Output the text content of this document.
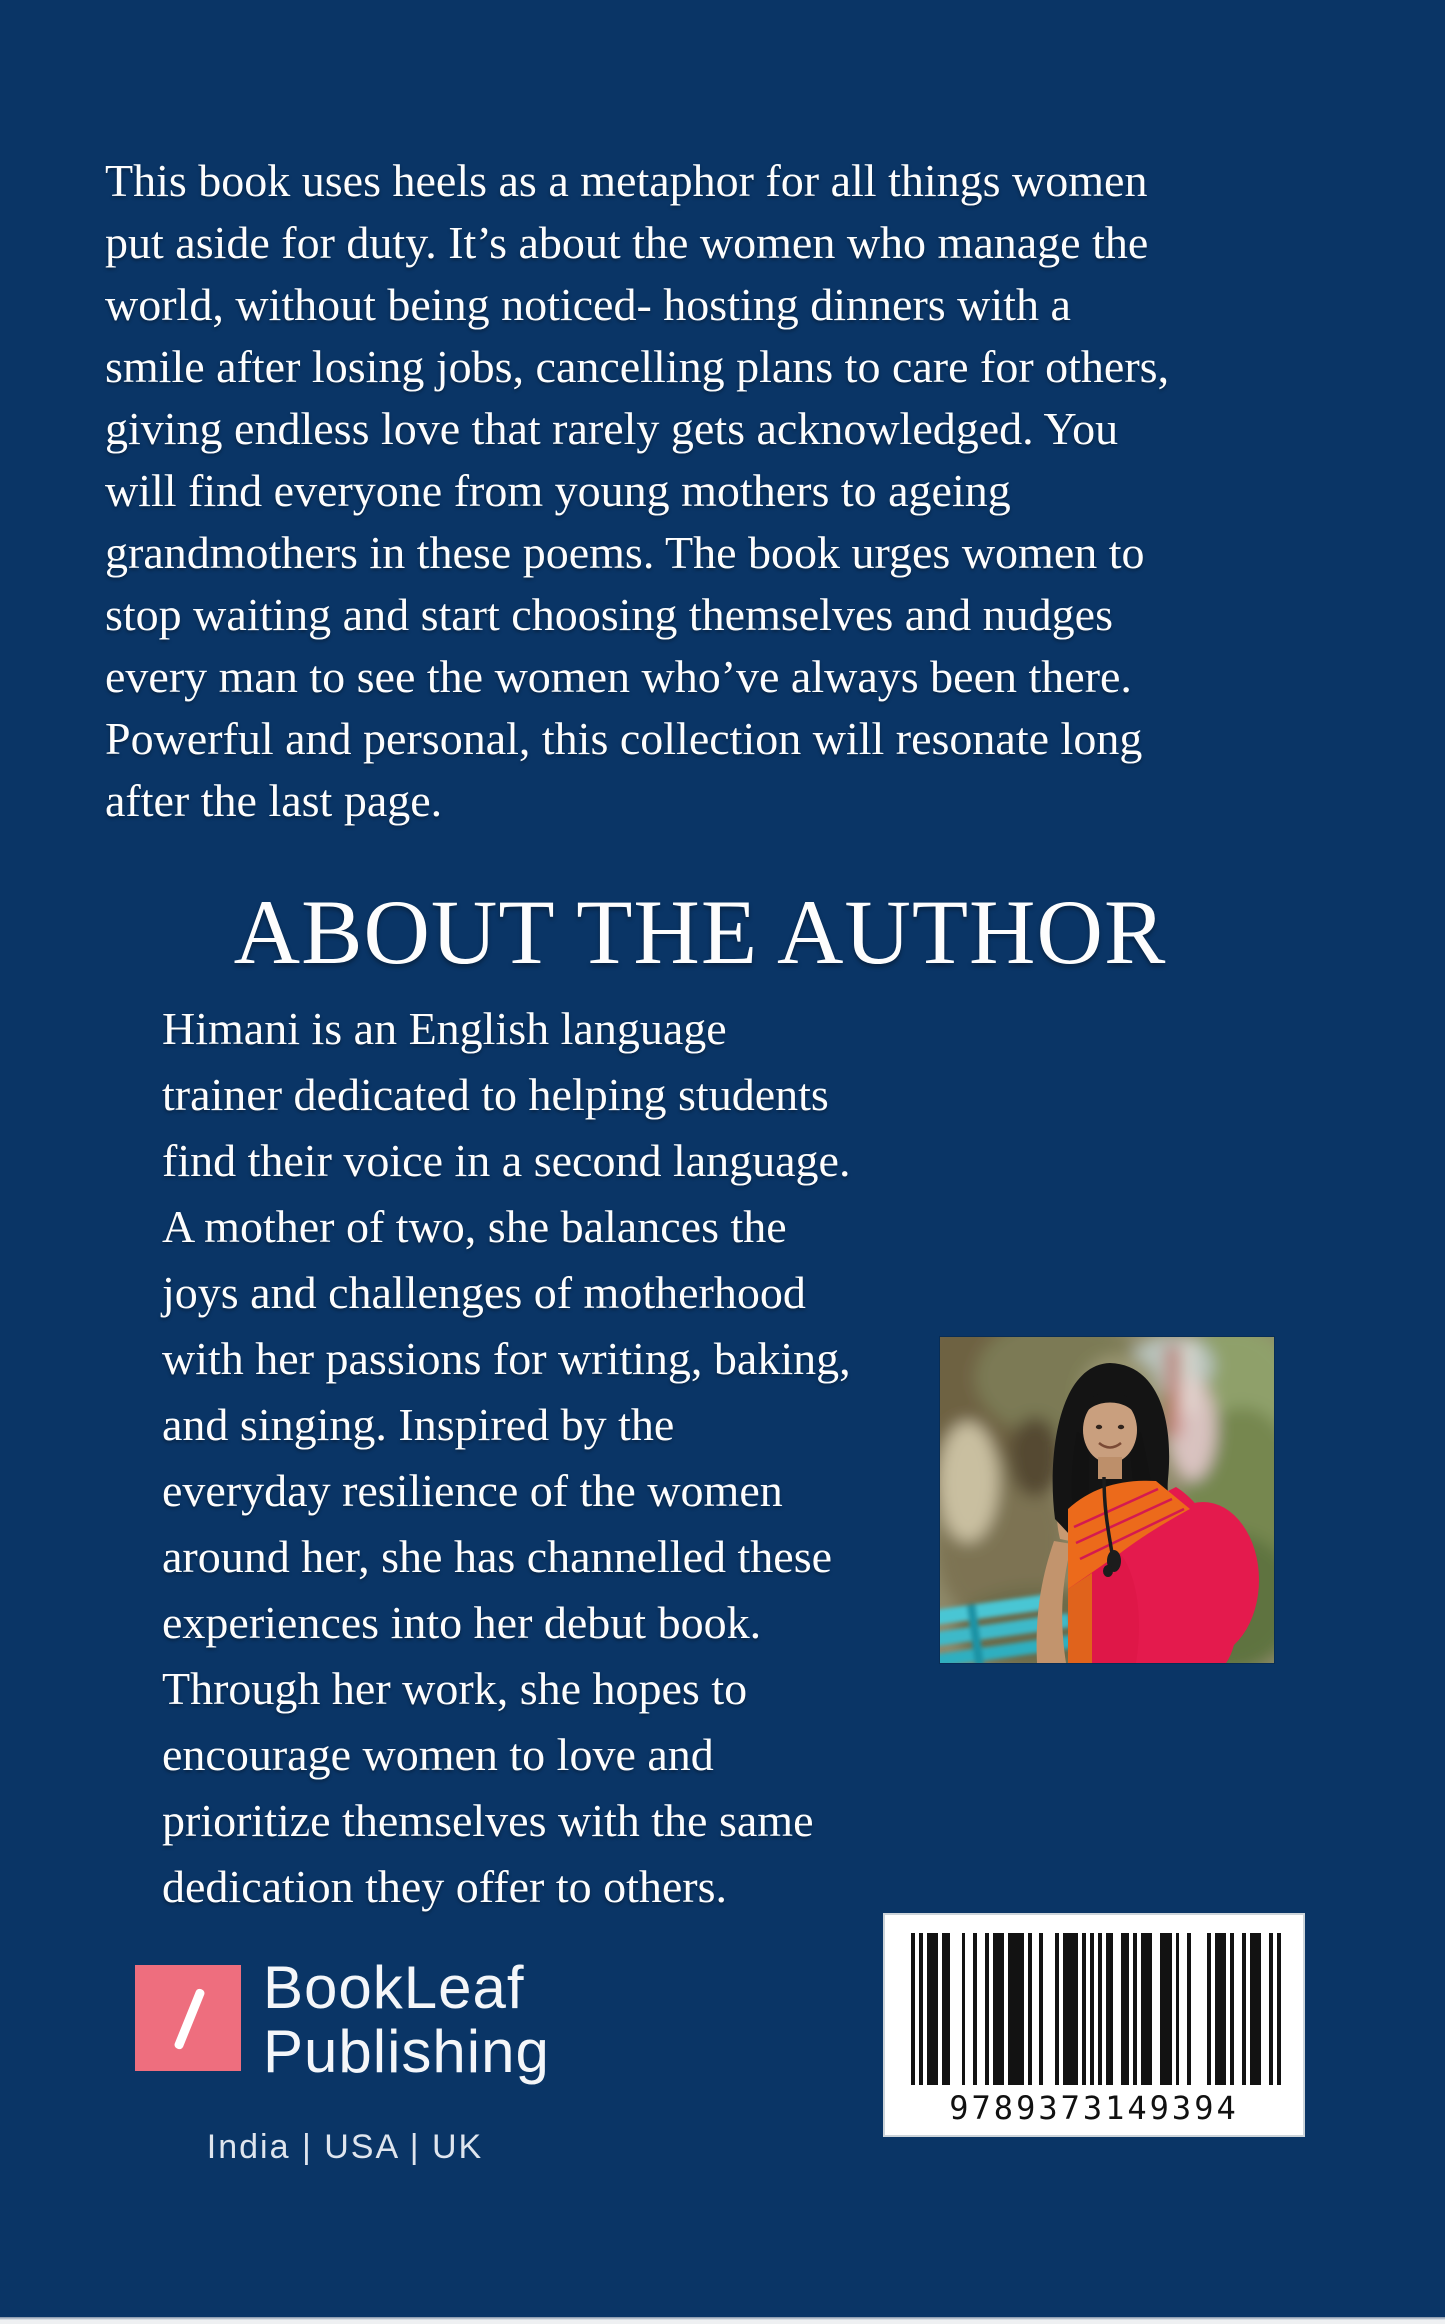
This book uses heels as a metaphor for all things women
put aside for duty. It’s about the women who manage the
world, without being noticed- hosting dinners with a
smile after losing jobs, cancelling plans to care for others,
giving endless love that rarely gets acknowledged. You
will find everyone from young mothers to ageing
grandmothers in these poems. The book urges women to
stop waiting and start choosing themselves and nudges
every man to see the women who’ve always been there.
Powerful and personal, this collection will resonate long
after the last page.
ABOUT THE AUTHOR
Himani is an English language
trainer dedicated to helping students
find their voice in a second language.
A mother of two, she balances the
joys and challenges of motherhood
with her passions for writing, baking,
and singing. Inspired by the
everyday resilience of the women
around her, she has channelled these
experiences into her debut book.
Through her work, she hopes to
encourage women to love and
prioritize themselves with the same
dedication they offer to others.
BookLeaf
Publishing
India | USA | UK
9789373149394
